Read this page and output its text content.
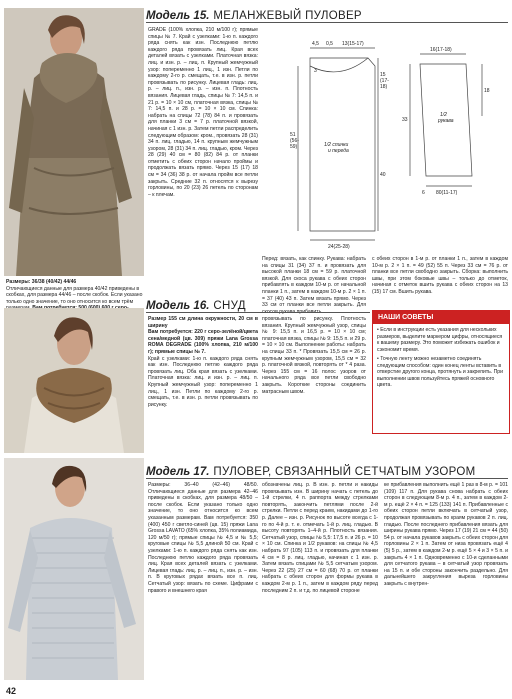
Модель 15. МЕЛАНЖЕВЫЙ ПУЛОВЕР
Размеры: 36/38 (40/42) 44/46
Отличающиеся данные для размера 40/42 приведены в скобках, для размера 44/46 – после скобок. Если указано только одно значение, то оно относится ко всем трём
GRADE (100% хлопка, 210 м/100 г); прямые спицы № 7. Край с узелками: 1-ю п. каждого ряда снять как изн. Последнюю петлю каждого ряда провязать лиц. Края всех деталей вязать с узелками. Платочная вязка: лиц. и изн. р. – лиц. п. Крупный жемчужный узор: попеременно 1 лиц., 1 изн. Петли по каждому 2-го р. смещать, т.е. в изн. р. петли провязывать по рисунку. Лицевая гладь: лиц. р. – лиц. п., изн. р. – изн. п. Плотность вязания. Лицевая гладь, спицы № 7: 14,5 п. и 21 р. = 10 × 10 см, платочная вязка, спицы № 7: 14,5 п. и 28 р. = 10 × 10 см. Спинка: набрать на спицы 72 (78) 84 п. и провязать для планки 3 см = 7 р. платочной вязкой, начиная с 1 изн. р. Затем петли распределить следующим образом: кром., провязать 28 (31) 34 п. лиц. гладью, 14 п. крупным жемчужным узором, 28 (31) 34 п. лиц. гладью, кром. Через 28 (29) 40 см = 80 (82) 84 р. от планки отметить с обеих сторон начало проймы и продолжать вязать прямо. Через 15 (17) 18 см = 34 (36) 38 р. от начала пройм все петли закрыть. Средние 32 п. относятся к вырезу горловины, по 20 (23) 26 петель по сторонам – к плечам.
4,5 0,5 13(15-17)
51
(56-
59)
15
(17-
18)
40
3
1/2 спинки
и переда
24(25-28)
16(17-18)
33
1/2
рукава
18
6 80(11-17)
Перед: вязать, как спинку. Рукава: набрать на спицы 31 (34) 37 п. и провязать для высокой планки 18 см = 59 р. платочной вязкой. Для скоса рукава с обеих сторон прибавлять в каждом 10-м р. от начальной планки 1 п., затем в каждом 10-м р. 2 × 1 п. = 37 (40) 43 п. Затем вязать прямо. Через 33 см от планки все петли закрыть. Для скосов рукава прибавить
с обеих сторон в 1-м р. от планки 1 п., затем в каждом 10-м р. 2 × 1 п. = 49 (52) 55 п. Через 33 см = 76 р. от планки все петли свободно закрыть. Сборка: выполнить швы, при этом боковые швы – только до отметок, начиная с отметок вшить рукава с обеих сторон на 13 (15) 17 см. Вшить рукава.
Модель 16. СНУД
Размер 155 см длина окружности, 20 см в ширину
Вам потребуется: 220 г серо-зелёной/цвета сена/медной (цв. 309) пряжи Lana Grossa ROMA DEGRADE (100% хлопка, 210 м/100 г); прямые спицы № 7.
Край с узелками: 1-ю п. каждого ряда снять как изн. Последнюю петлю каждого ряда провязать лиц. Оба края вязать с узелками. Платочная вязка: лиц. и изн. р. – лиц. п. Крупный жемчужный узор: попеременно 1 лиц., 1 изн. Петли по каждому 2-го р. смещать, т.е. в изн. р. петли провязывать по рисунку.
провязывать по рисунку. Плотность вязания. Крупный жемчужный узор, спицы № 9: 15,5 п. и 16,5 р. = 10 × 10 см; платочная вязка, спицы № 9: 15,5 п. и 29 р. = 10 × 10 см. Выполнение работы: набрать на спицы 33 п. * Провязать 15,5 см = 26 р. крупным жемчужным узором, 15,5 см = 32 р. платочной вязкой, повторять от * 4 раза. Через 155 см = 16 полос узоров от начального ряда все петли свободно закрыть. Короткие стороны соединить матрасным швом.
НАШИ СОВЕТЫ

• Если в инструкции есть указания для нескольких размеров, выделите маркером цифры, относящиеся к вашему размеру. Это поможет избежать ошибок и сэкономит время.

• Точную ленту можно незаметно соединять следующим способом: один конец ленты вставить в отверстие другого конца, протянуть и закрепить. При выполнении швов пользуйтесь пряжей основного цвета.

Модель 17. ПУЛОВЕР, СВЯЗАННЫЙ СЕТЧАТЫМ УЗОРОМ
Размеры: 36–40 (42–46) 48/50. Отличающиеся данные для размера 42–46 приведены в скобках, для размера 48/50 – после скобок. Если указано только одно значение, то оно относится ко всем указанным размерам. Вам потребуется: 350 (400) 450 г светло-синей (цв. 15) пряжи Lana Grossa LAVATO (65% хлопка, 35% полиамида, 120 м/50 г); прямые спицы № 4,5 и № 5,5; круговые спицы № 5,5 длиной 50 см. Край с узелками: 1-ю п. каждого ряда снять как изн. Последнюю петлю каждого ряда провязать лиц. Края всех деталей вязать с узелками. Лицевая гладь: лиц. р. – лиц. п., изн. р. – изн. п. В круговых рядах вязать все п. лиц. Сетчатый узор: вязать по схеме. Цифрами с правого и внешнего края
обозначены лиц. р. В изн. р. петли и накиды провязывать изн. В ширину начать с петель до 1-й стрелки, 4 п. раппорта между стрелками повторять, закончить петлями после 2-й стрелки. Петли с перед краем, накидами до 1-го р. Далее – изн. р. Рисунок по высоте всегда с 1-го по 4-й р. т. е. отмечать 1-й р. лиц. гладью. В высоту повторять 1–4-й р. Плотность вязания. Сетчатый узор, спицы № 5,5: 17,5 п. и 26 р. = 10 × 10 см. Спинка и 1/2 рукавов: на спицы № 4,5 набрать 97 (105) 113 п. и провязать для планки 4 см = 8 р. лиц. гладью, начиная с 1 изн. р. Затем вязать спицами № 5,5 сетчатым узором. Через 22 (25) 27 см = 60 (68) 70 р. от планки набрать с обеих сторон для формы рукава в каждом 2-м р. 1 п., затем в каждом ряду перед последним 2 п. и т.д. по лицевой стороне
ке прибавления выполнить ещё 1 раз в 8-м р. = 101 (109) 117 п. Для рукава снова набрать с обеих сторон в следующем 8-м р. 4 п., затем в каждом 2-м р. ещё 2 × 4 п. = 125 (133) 141 п. Прибавленные с обеих сторон петли включать в сетчатый узор, продолжая провязывать по краям рукавов 2 п. лиц. гладью. После последнего прибавления вязать для ширины рукава прямо. Через 17 (19) 21 см = 44 (50) 54 р. от начала рукавов закрыть с обеих сторон для горловины 2 × 1 п. Затем от низа провязать ещё 4 (5) 5 р., затем в каждом 2-м р. ещё 5 × 4 и 3 × 5 п. и закрыть 4 × 1 п. Одновременно с 10-и сделанными для сетчатого рукава – в сетчатый узор провязать на 15 п. и обе стороны закончить раздельно. Для дальнейшего закругления выреза горловины закрыть с внутрен-
42
